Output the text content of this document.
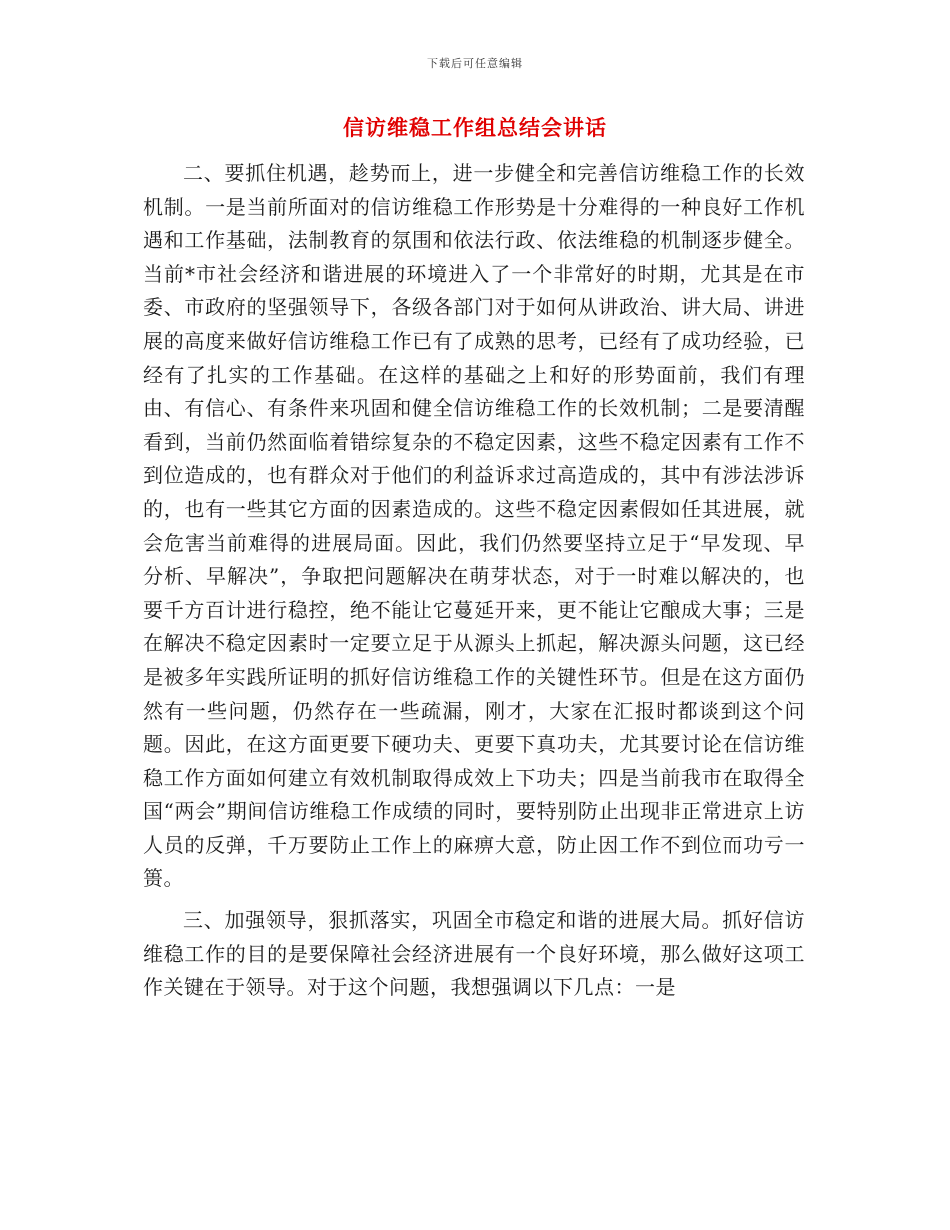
下载后可任意编辑
信访维稳工作组总结会讲话

二、要抓住机遇，趁势而上，进一步健全和完善信访维稳工作的长效机制。一是当前所面对的信访维稳工作形势是十分难得的一种良好工作机遇和工作基础，法制教育的氛围和依法行政、依法维稳的机制逐步健全。当前*市社会经济和谐进展的环境进入了一个非常好的时期，尤其是在市委、市政府的坚强领导下，各级各部门对于如何从讲政治、讲大局、讲进展的高度来做好信访维稳工作已有了成熟的思考，已经有了成功经验，已经有了扎实的工作基础。在这样的基础之上和好的形势面前，我们有理由、有信心、有条件来巩固和健全信访维稳工作的长效机制；二是要清醒看到，当前仍然面临着错综复杂的不稳定因素，这些不稳定因素有工作不到位造成的，也有群众对于他们的利益诉求过高造成的，其中有涉法涉诉的，也有一些其它方面的因素造成的。这些不稳定因素假如任其进展，就会危害当前难得的进展局面。因此，我们仍然要坚持立足于“早发现、早分析、早解决”，争取把问题解决在萌芽状态，对于一时难以解决的，也要千方百计进行稳控，绝不能让它蔓延开来，更不能让它酿成大事；三是在解决不稳定因素时一定要立足于从源头上抓起，解决源头问题，这已经是被多年实践所证明的抓好信访维稳工作的关键性环节。但是在这方面仍然有一些问题，仍然存在一些疏漏，刚才，大家在汇报时都谈到这个问题。因此，在这方面更要下硬功夫、更要下真功夫，尤其要讨论在信访维稳工作方面如何建立有效机制取得成效上下功夫；四是当前我市在取得全国“两会”期间信访维稳工作成绩的同时，要特别防止出现非正常进京上访人员的反弹，千万要防止工作上的麻痹大意，防止因工作不到位而功亏一篑。

三、加强领导，狠抓落实，巩固全市稳定和谐的进展大局。抓好信访维稳工作的目的是要保障社会经济进展有一个良好环境，那么做好这项工作关键在于领导。对于这个问题，我想强调以下几点：一是
